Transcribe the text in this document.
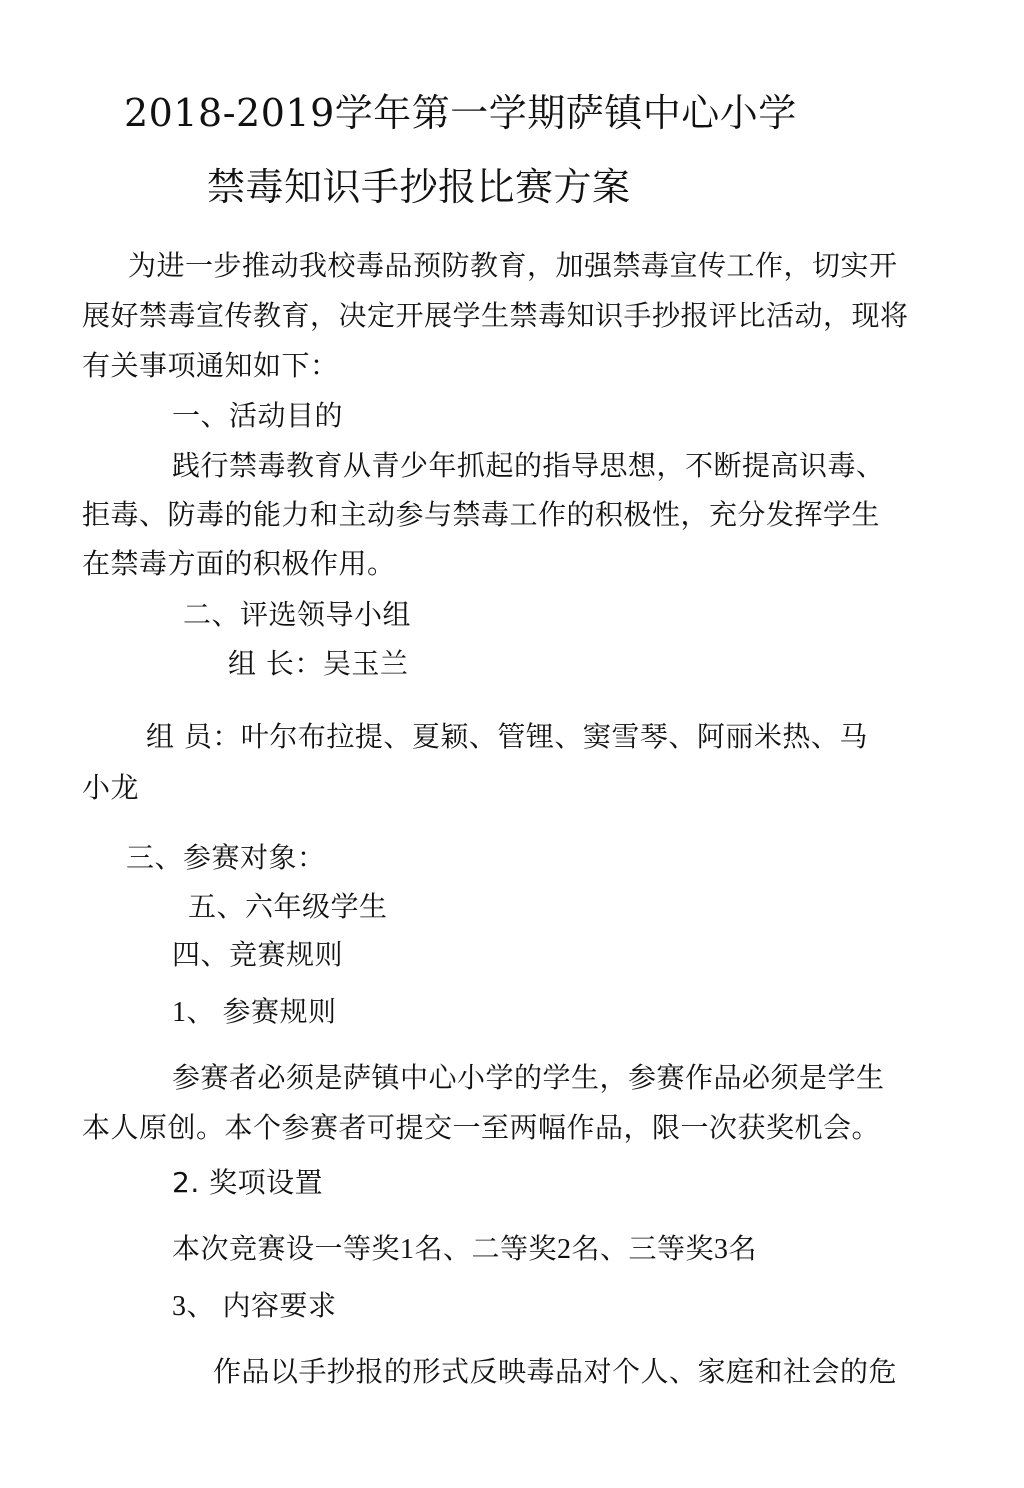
2018-2019学年第一学期萨镇中心小学
禁毒知识手抄报比赛方案
为进一步推动我校毒品预防教育，加强禁毒宣传工作，切实开
展好禁毒宣传教育，决定开展学生禁毒知识手抄报评比活动，现将
有关事项通知如下：
一、活动目的
践行禁毒教育从青少年抓起的指导思想，不断提高识毒、
拒毒、防毒的能力和主动参与禁毒工作的积极性，充分发挥学生
在禁毒方面的积极作用。
二、评选领导小组
组 长：吴玉兰
组 员：叶尔布拉提、夏颖、管锂、窦雪琴、阿丽米热、马
小龙
三、参赛对象：
五、六年级学生
四、竞赛规则
1、 参赛规则
参赛者必须是萨镇中心小学的学生，参赛作品必须是学生
本人原创。本个参赛者可提交一至两幅作品，限一次获奖机会。
2. 奖项设置
本次竞赛设一等奖1名、二等奖2名、三等奖3名
3、 内容要求
作品以手抄报的形式反映毒品对个人、家庭和社会的危
